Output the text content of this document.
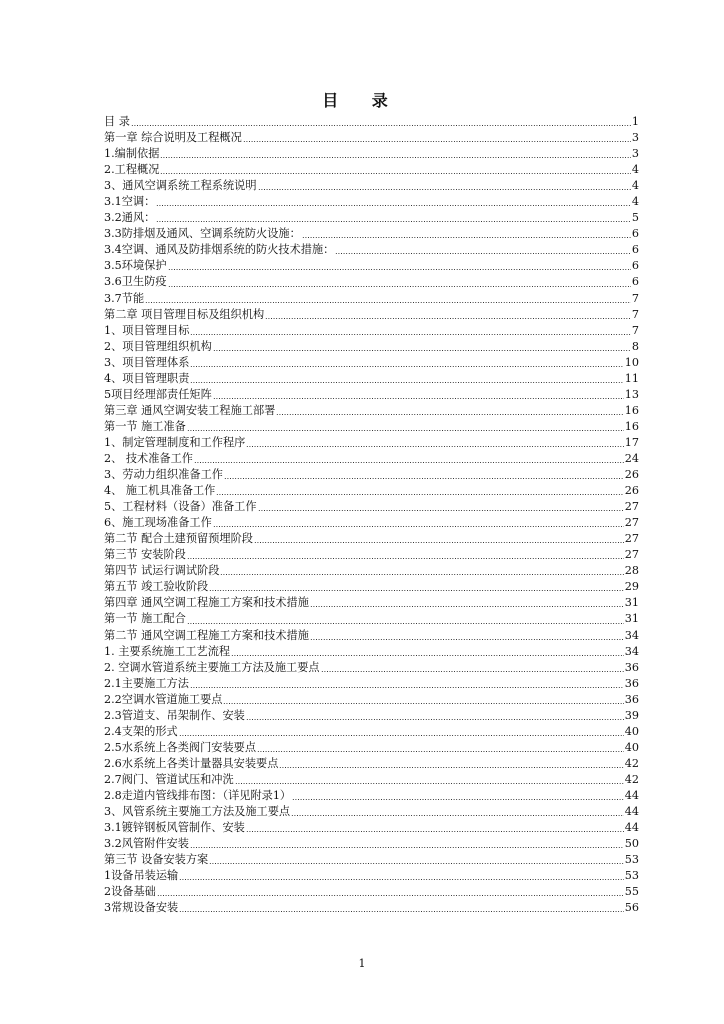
目 录
目 录	1
第一章 综合说明及工程概况	3
1.编制依据	3
2.工程概况	4
3、通风空调系统工程系统说明	4
3.1空调：	4
3.2通风：	5
3.3防排烟及通风、空调系统防火设施：	6
3.4空调、通风及防排烟系统的防火技术措施：	6
3.5环境保护	6
3.6卫生防疫	6
3.7节能	7
第二章 项目管理目标及组织机构	7
1、项目管理目标	7
2、项目管理组织机构	8
3、项目管理体系	10
4、项目管理职责	11
5项目经理部责任矩阵	13
第三章 通风空调安装工程施工部署	16
第一节 施工准备	16
1、制定管理制度和工作程序	17
2、 技术准备工作	24
3、劳动力组织准备工作	26
4、 施工机具准备工作	26
5、工程材料（设备）准备工作	27
6、施工现场准备工作	27
第二节 配合土建预留预埋阶段	27
第三节 安装阶段	27
第四节 试运行调试阶段	28
第五节 竣工验收阶段	29
第四章 通风空调工程施工方案和技术措施	31
第一节 施工配合	31
第二节 通风空调工程施工方案和技术措施	34
1. 主要系统施工工艺流程	34
2. 空调水管道系统主要施工方法及施工要点	36
2.1主要施工方法	36
2.2空调水管道施工要点	36
2.3管道支、吊架制作、安装	39
2.4支架的形式	40
2.5水系统上各类阀门安装要点	40
2.6水系统上各类计量器具安装要点	42
2.7阀门、管道试压和冲洗	42
2.8走道内管线排布图：（详见附录1）	44
3、风管系统主要施工方法及施工要点	44
3.1镀锌钢板风管制作、安装	44
3.2风管附件安装	50
第三节 设备安装方案	53
1设备吊装运输	53
2设备基础	55
3常规设备安装	56
1
